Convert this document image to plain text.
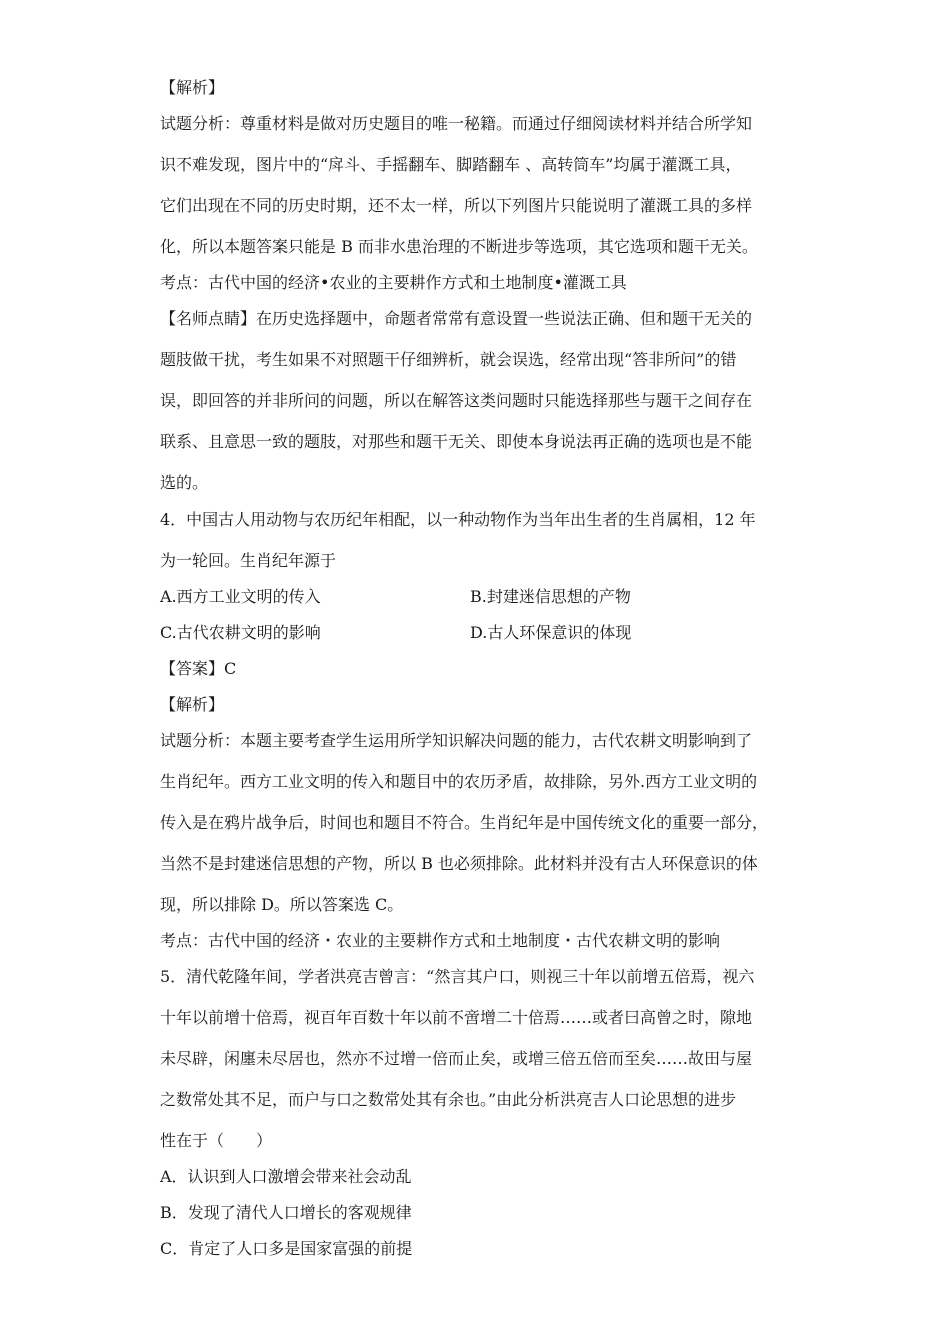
【解析】
试题分析：尊重材料是做对历史题目的唯一秘籍。而通过仔细阅读材料并结合所学知
识不难发现，图片中的“戽斗、手摇翻车、脚踏翻车 、高转筒车”均属于灌溉工具，
它们出现在不同的历史时期，还不太一样，所以下列图片只能说明了灌溉工具的多样
化，所以本题答案只能是 B 而非水患治理的不断进步等选项，其它选项和题干无关。
考点：古代中国的经济•农业的主要耕作方式和土地制度•灌溉工具
【名师点睛】在历史选择题中，命题者常常有意设置一些说法正确、但和题干无关的
题肢做干扰，考生如果不对照题干仔细辨析，就会误选，经常出现“答非所问”的错
误，即回答的并非所问的问题，所以在解答这类问题时只能选择那些与题干之间存在
联系、且意思一致的题肢，对那些和题干无关、即使本身说法再正确的选项也是不能
选的。
4．中国古人用动物与农历纪年相配，以一种动物作为当年出生者的生肖属相，12 年
为一轮回。生肖纪年源于
A.西方工业文明的传入	B.封建迷信思想的产物
C.古代农耕文明的影响	D.古人环保意识的体现
【答案】C
【解析】
试题分析：本题主要考查学生运用所学知识解决问题的能力，古代农耕文明影响到了
生肖纪年。西方工业文明的传入和题目中的农历矛盾，故排除，另外.西方工业文明的
传入是在鸦片战争后，时间也和题目不符合。生肖纪年是中国传统文化的重要一部分，
当然不是封建迷信思想的产物，所以 B 也必须排除。此材料并没有古人环保意识的体
现，所以排除 D。所以答案选 C。
考点：古代中国的经济・农业的主要耕作方式和土地制度・古代农耕文明的影响
5．清代乾隆年间，学者洪亮吉曾言：“然言其户口，则视三十年以前增五倍焉，视六
十年以前增十倍焉，视百年百数十年以前不啻增二十倍焉……或者曰高曾之时，隙地
未尽辟，闲廛未尽居也，然亦不过增一倍而止矣，或增三倍五倍而至矣……故田与屋
之数常处其不足，而户与口之数常处其有余也。”由此分析洪亮吉人口论思想的进步
性在于（　　）
A．认识到人口激增会带来社会动乱
B．发现了清代人口增长的客观规律
C．肯定了人口多是国家富强的前提
